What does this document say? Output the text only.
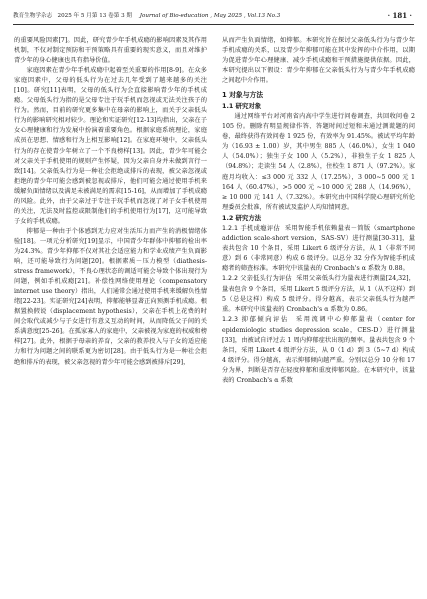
教育生物学杂志 2025 年 5 月第 13 卷第 3 期 Journal of Bio-education , May 2025 , Vol.13 No.3	· 181 ·

的重要风险因素[7]。因此，研究青少年手机成瘾的影响因素及其作用机制，不仅对制定预防和干预策略具有重要的现实意义，而且对维护青少年的身心健康也具有指导价值。

家庭因素在青少年手机成瘾中起着至关重要的作用[8-9]。在众多家庭因素中，父母的低头行为在过去几年受到了越来越多的关注[10]。研究[11]表明，父母的低头行为会直接影响青少年的手机成瘾。父母低头行为指的是父母专注于玩手机而忽视或无法关注孩子的行为。然而，目前的研究更多集中在母亲的影响上，而关于父亲低头行为的影响研究相对较少。理论和实证研究[12-13]均指出，父亲在子女心理健康和行为发展中扮演着重要角色。根据家庭系统理论，家庭成员在思想、情感和行为上相互影响[12]。在家庭环境中，父亲低头行为的存在使青少年树立了一个不良榜样[13]。因此，青少年可能会对父亲关于手机使用的规则产生怀疑，因为父亲自身并未做到言行一致[14]。父亲低头行为是一种社会拒绝或排斥的表现，被父亲忽视或拒绝的青少年可能会感到被忽视或排斥，他们可能会通过使用手机来缓解负面情绪以及满足未被满足的需求[15-16]，从而增加了手机成瘾的风险。此外，由于父亲过于专注于玩手机而忽视了对子女手机使用的关注，无法及时监控或限制他们的手机使用行为[17]，这可能导致子女的手机成瘾。

抑郁是一种由于个体感到无力应对生活压力而产生的消极情绪体验[18]。一项元分析研究[19]显示，中国青少年群体中抑郁的检出率为24.3%。青少年抑郁不仅对其社会适应能力和学业成绩产生负面影响，还可能导致行为问题[20]。根据素质－压力模型（diathesis-stress framework），不良心理状态的调适可能会导致个体出现行为问题，例如手机成瘾[21]。补偿性网络使用理论（compensatory internet use theory）指出，人们通常会通过使用手机来缓解负性情绪[22-23]。实证研究[24]表明，抑郁能够显著正向预测手机成瘾。根据置换假说（displacement hypothesis），父亲在手机上花费的时间会取代或减少与子女进行有意义互动的时间，从而降低父子间的关系满意度[25-26]。在孤家寡人的家庭中，父亲被视为家庭的权威和榜样[27]。此外，根据于母亲的养育，父亲的教养投入与子女的适应能力和行为问题之间的联系更为密切[28]。由于低头行为是一种社会拒绝和排斥的表现，被父亲忽视的青少年可能会感到被排斥[29]，

从而产生负面情绪，如抑郁。本研究旨在探讨父亲低头行为与青少年手机成瘾的关系，以及青少年抑郁可能在其中发挥的中介作用，以期为促进青少年心理健康、减少手机成瘾和干预措施提供依据。因此，本研究提出以下假设：青少年抑郁在父亲低头行为与青少年手机成瘾之间起中介作用。

1 对象与方法
1.1 研究对象

通过网络平台对河南省内高中学生进行问卷调查，共回收问卷 2 105 份。删除有明显规律作答、答题时间过短和未通过测谎题的问卷，最终获得有效问卷 1 925 份，有效率为 91.45%。被试平均年龄为（16.93 ± 1.00）岁，其中男生 885 人（46.0%），女生 1 040 人（54.0%）；独生子女 100 人（5.2%），非独生子女 1 825 人（94.8%）；走读生 54 人（2.8%），住校生 1 871 人（97.2%）。家庭月均收入：≤3 000 元 332 人（17.25%），3 000~5 000 元 1 164 人（60.47%），>5 000 元 ~10 000 元 288 人（14.96%），≥ 10 000 元 141 人（7.32%）。本研究由中国科学院心理研究所伦理委员会批准，所有被试及监护人均知情同意。

1.2 研究方法

1.2.1 手机成瘾评估 采用智能手机依赖量表－简版（smartphone addiction scale-short version，SAS-SV）进行测量[30-31]，量表共包含 10 个条目，采用 Likert 6 级评分方法，从 1（非常不同意）到 6（非常同意）构成 6 级评分。以总分 32 分作为智能手机成瘾者的筛查标准。本研究中该量表的 Cronbach's α 系数为 0.88。

1.2.2 父亲低头行为评估 采用父亲低头行为量表进行测量[24,32]，量表包含 9 个条目，采用 Likert 5 级评分方法，从 1（从不这样）到 5（总是这样）构成 5 级评分。得分越高，表示父亲低头行为越严重。本研究中该量表的 Cronbach's α 系数为 0.86。

1.2.3 抑郁倾向评估 采用流调中心抑郁量表（center for epidemiologic studies depression scale，CES-D）进行测量[33]，由被试自评过去 1 周内抑郁症状出现的频率。量表共包含 9 个条目，采用 Likert 4 级评分方法，从 0（1 d）到 3（5~7 d）构成 4 级评分。得分越高，表示抑郁倾向越严重。分别以总分 10 分和 17 分为界，判断是否存在轻度抑郁和重度抑郁风险。在本研究中，该量表的 Cronbach's α 系数
